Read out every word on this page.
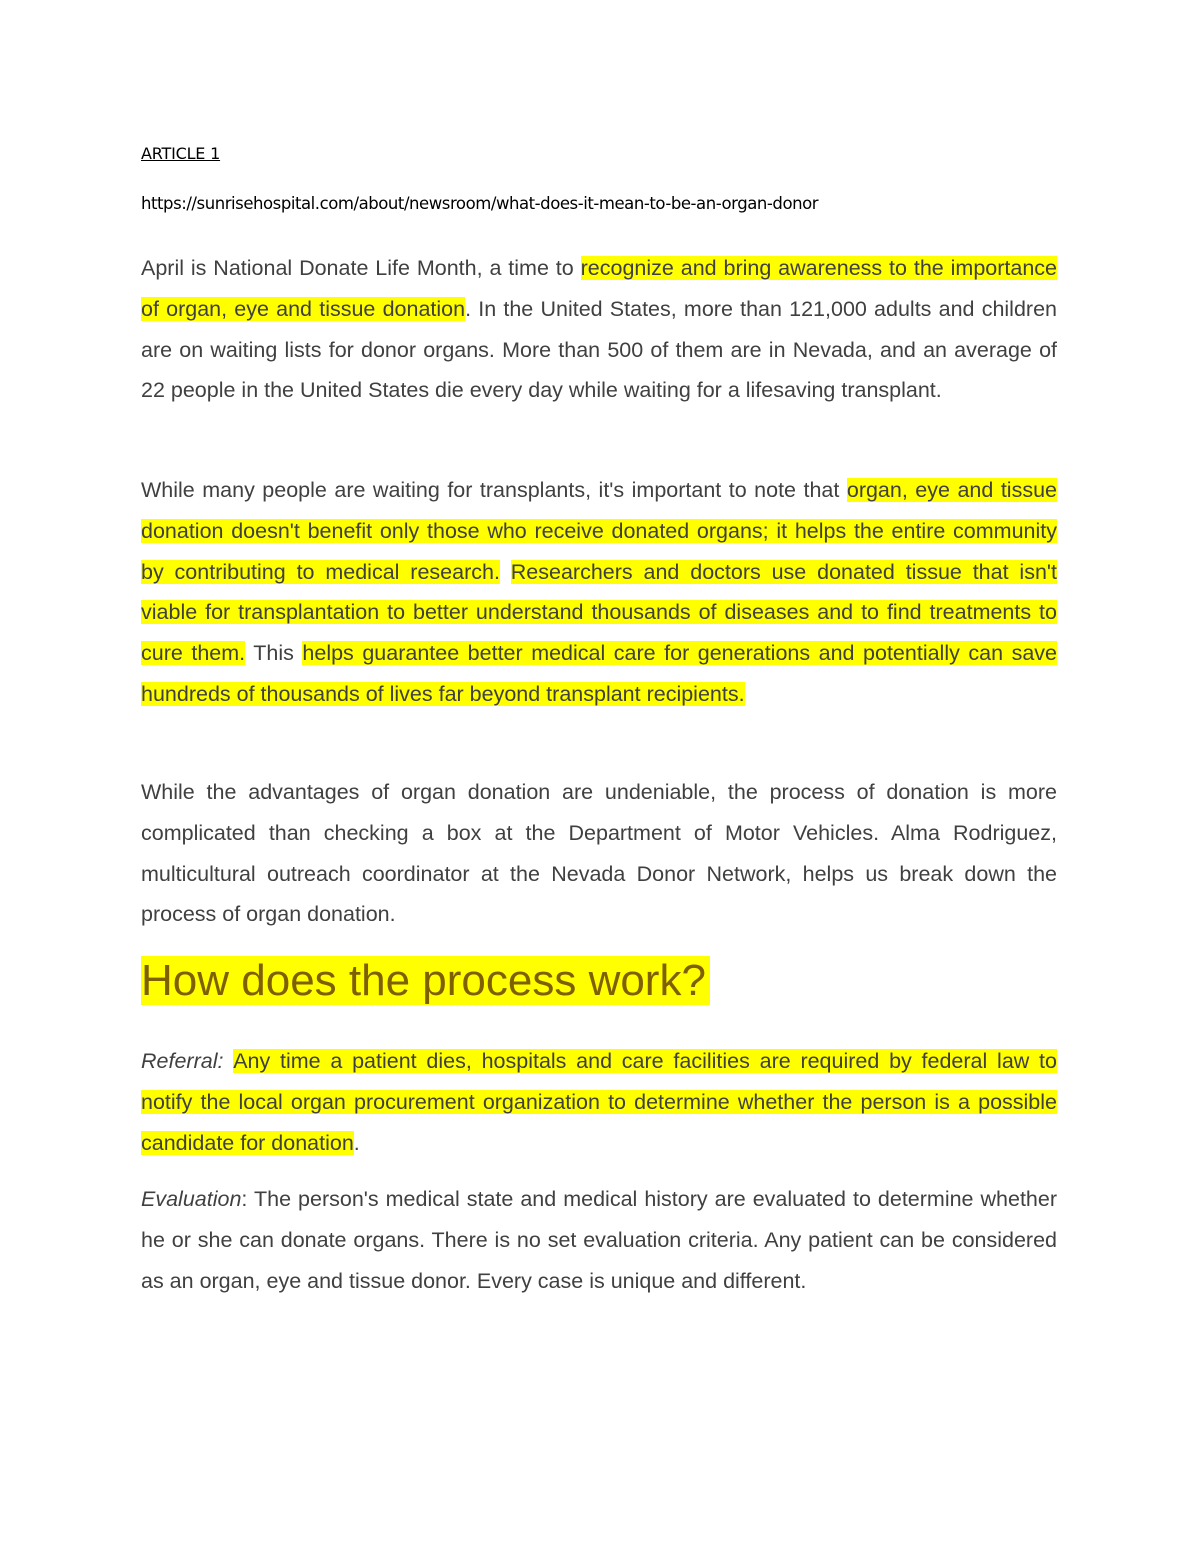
ARTICLE 1
https://sunrisehospital.com/about/newsroom/what-does-it-mean-to-be-an-organ-donor

April is National Donate Life Month, a time to recognize and bring awareness to the importance of organ, eye and tissue donation. In the United States, more than 121,000 adults and children are on waiting lists for donor organs. More than 500 of them are in Nevada, and an average of 22 people in the United States die every day while waiting for a lifesaving transplant.

While many people are waiting for transplants, it's important to note that organ, eye and tissue donation doesn't benefit only those who receive donated organs; it helps the entire community by contributing to medical research. Researchers and doctors use donated tissue that isn't viable for transplantation to better understand thousands of diseases and to find treatments to cure them. This helps guarantee better medical care for generations and potentially can save hundreds of thousands of lives far beyond transplant recipients.

While the advantages of organ donation are undeniable, the process of donation is more complicated than checking a box at the Department of Motor Vehicles. Alma Rodriguez, multicultural outreach coordinator at the Nevada Donor Network, helps us break down the process of organ donation.

How does the process work?

Referral: Any time a patient dies, hospitals and care facilities are required by federal law to notify the local organ procurement organization to determine whether the person is a possible candidate for donation.

Evaluation: The person's medical state and medical history are evaluated to determine whether he or she can donate organs. There is no set evaluation criteria. Any patient can be considered as an organ, eye and tissue donor. Every case is unique and different.
